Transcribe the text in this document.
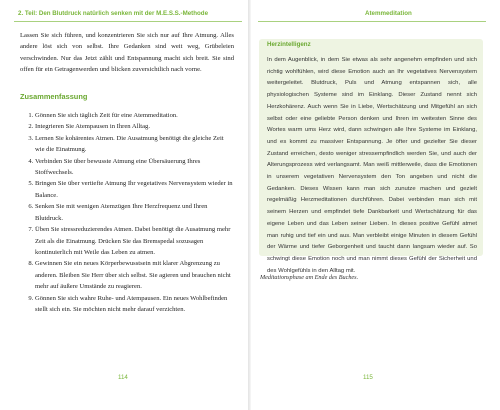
2. Teil: Den Blutdruck natürlich senken mit der M.E.S.S.-Methode	Atemmeditation

Lassen Sie sich führen, und konzentrieren Sie sich nur auf Ihre Atmung. Alles andere löst sich von selbst. Ihre Gedanken sind weit weg, Grübeleien verschwinden. Nur das Jetzt zählt und Entspannung macht sich breit. Sie sind offen für ein Getragenwerden und blicken zuversichtlich nach vorne.

Zusammenfassung
1. Gönnen Sie sich täglich Zeit für eine Atemmeditation.
2. Integrieren Sie Atempausen in Ihren Alltag.
3. Lernen Sie kohärentes Atmen. Die Ausatmung benötigt die gleiche Zeit wie die Einatmung.
4. Verbinden Sie über bewusste Atmung eine Übersäuerung Ihres Stoffwechsels.
5. Bringen Sie über vertiefte Atmung Ihr vegetatives Nervensystem wieder in Balance.
6. Senken Sie mit wenigen Atemzügen Ihre Herzfrequenz und Ihren Blutdruck.
7. Üben Sie stressreduzierendes Atmen. Dabei benötigt die Ausatmung mehr Zeit als die Einatmung. Drücken Sie das Bremspedal sozusagen kontinuierlich mit Weile das Leben zu atmen.
8. Gewinnen Sie ein neues Körperbewusstsein mit klarer Abgrenzung zu anderen. Bleiben Sie Herr über sich selbst. Sie agieren und brauchen nicht mehr auf äußere Umstände zu reagieren.
9. Gönnen Sie sich wahre Ruhe- und Atempausen. Ein neues Wohlbefinden stellt sich ein. Sie möchten nicht mehr darauf verzichten.
Herzintelligenz
In dem Augenblick, in dem Sie etwas als sehr angenehm empfinden und sich richtig wohlfühlen, wird diese Emotion auch an Ihr vegetatives Nervensystem weitergeleitet. Blutdruck, Puls und Atmung entspannen sich, alle physiologischen Systeme sind im Einklang. Dieser Zustand nennt sich Herzkohärenz. Auch wenn Sie in Liebe, Wertschätzung und Mitgefühl an sich selbst oder eine geliebte Person denken und Ihren im weitesten Sinne des Wortes warm ums Herz wird, dann schwingen alle Ihre Systeme im Einklang, und es kommt zu massiver Entspannung. Je öfter und gezielter Sie dieser Zustand erreichen, desto weniger stressempfindlich werden Sie, und auch der Alterungsprozess wird verlangsamt. Man weiß mittlerweile, dass die Emotionen in unserem vegetativen Nervensystem den Ton angeben und nicht die Gedanken. Dieses Wissen kann man sich zunutze machen und gezielt regelmäßig Herzmeditationen durchführen. Dabei verbinden man sich mit seinem Herzen und empfindet tiefe Dankbarkeit und Wertschätzung für das eigene Leben und das Leben seiner Lieben. In dieses positive Gefühl atmet man ruhig und tief ein und aus. Man verbleibt einige Minuten in diesem Gefühl der Wärme und tiefer Geborgenheit und taucht dann langsam wieder auf. So schwingt diese Emotion noch und man nimmt dieses Gefühl der Sicherheit und des Wohlgefühls in den Alltag mit.
Meditationsphase am Ende des Buches.
114	115
